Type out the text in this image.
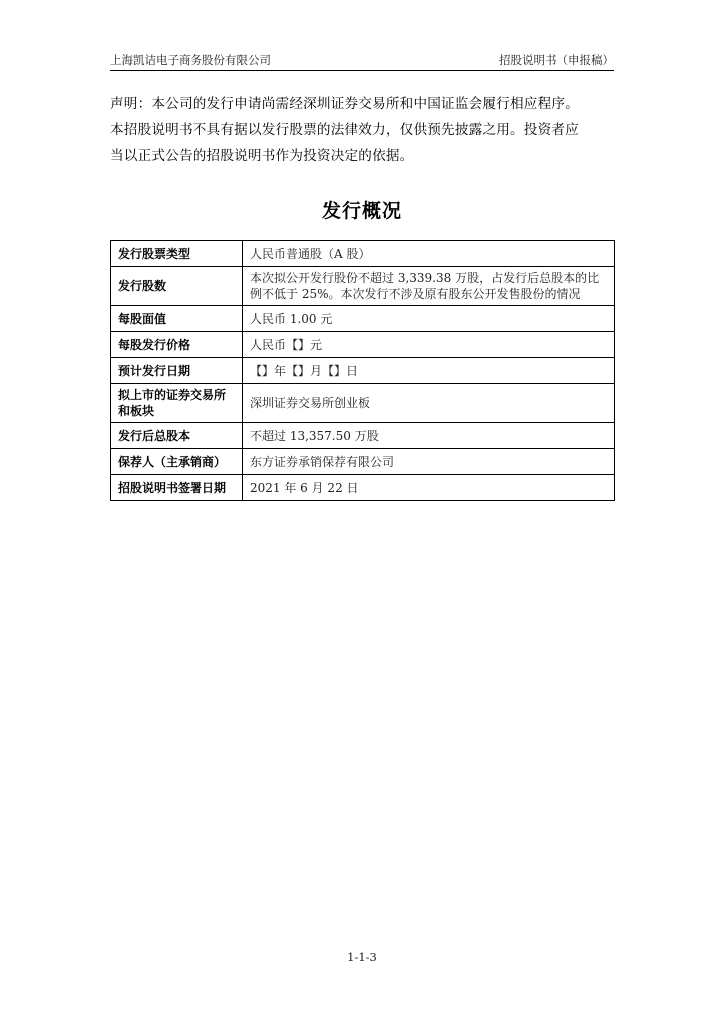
上海凯诘电子商务股份有限公司	招股说明书（申报稿）

声明：本公司的发行申请尚需经深圳证券交易所和中国证监会履行相应程序。

本招股说明书不具有据以发行股票的法律效力，仅供预先披露之用。投资者应

当以正式公告的招股说明书作为投资决定的依据。

发行概况
发行股票类型	人民币普通股（A 股）
发行股数	本次拟公开发行股份不超过 3,339.38 万股，占发行后总股本的比例不低于 25%。本次发行不涉及原有股东公开发售股份的情况
每股面值	人民币 1.00 元
每股发行价格	人民币【】元
预计发行日期	【】年【】月【】日
拟上市的证券交易所和板块	深圳证券交易所创业板
发行后总股本	不超过 13,357.50 万股
保荐人（主承销商）	东方证券承销保荐有限公司
招股说明书签署日期	2021 年 6 月 22 日
1-1-3
